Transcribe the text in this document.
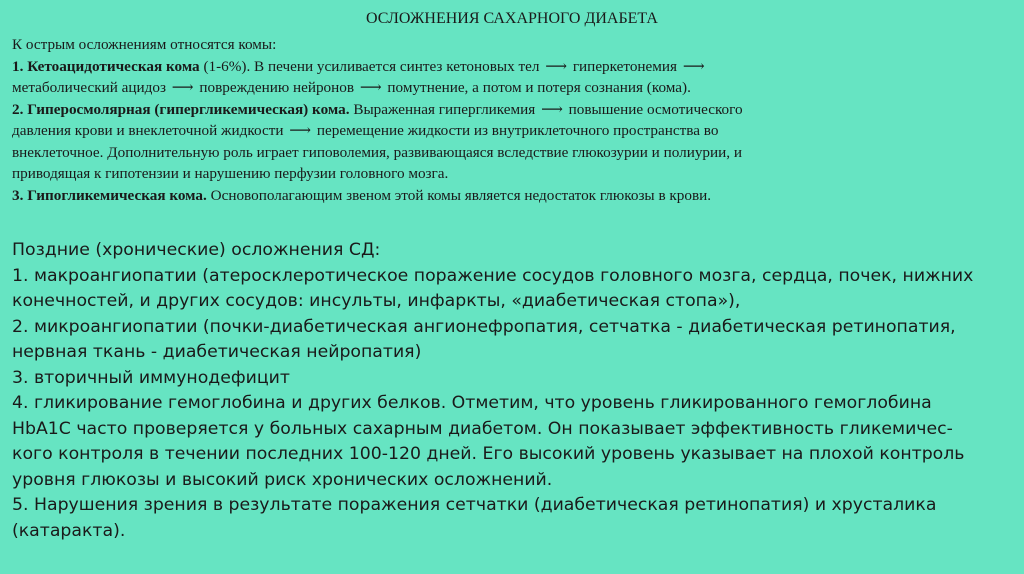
ОСЛОЖНЕНИЯ САХАРНОГО ДИАБЕТА

К острым осложнениям относятся комы:

1. Кетоацидотическая кома (1-6%). В печени усиливается синтез кетоновых тел ⟶ гиперкетонемия ⟶

метаболический ацидоз ⟶ повреждению нейронов ⟶ помутнение, а потом и потеря сознания (кома).

2. Гиперосмолярная (гипергликемическая) кома. Выраженная гипергликемия ⟶ повышение осмотического

давления крови и внеклеточной жидкости ⟶ перемещение жидкости из внутриклеточного пространства во

внеклеточное. Дополнительную роль играет гиповолемия, развивающаяся вследствие глюкозурии и полиурии, и

приводящая к гипотензии и нарушению перфузии головного мозга.

3. Гипогликемическая кома. Основополагающим звеном этой комы является недостаток глюкозы в крови.

Поздние (хронические) осложнения СД:

1. макроангиопатии (атеросклеротическое поражение сосудов головного мозга, сердца, почек, нижних

конечностей, и других сосудов: инсульты, инфаркты, «диабетическая стопа»),

2. микроангиопатии (почки-диабетическая ангионефропатия, сетчатка - диабетическая ретинопатия,

нервная ткань - диабетическая нейропатия)

3. вторичный иммунодефицит

4. гликирование гемоглобина и других белков. Отметим, что уровень гликированного гемоглобина

HbA1C часто проверяется у больных сахарным диабетом. Он показывает эффективность гликемичес-

кого контроля в течении последних 100-120 дней. Его высокий уровень указывает на плохой контроль

уровня глюкозы и высокий риск хронических осложнений.

5. Нарушения зрения в результате поражения сетчатки (диабетическая ретинопатия) и хрусталика

(катаракта).
